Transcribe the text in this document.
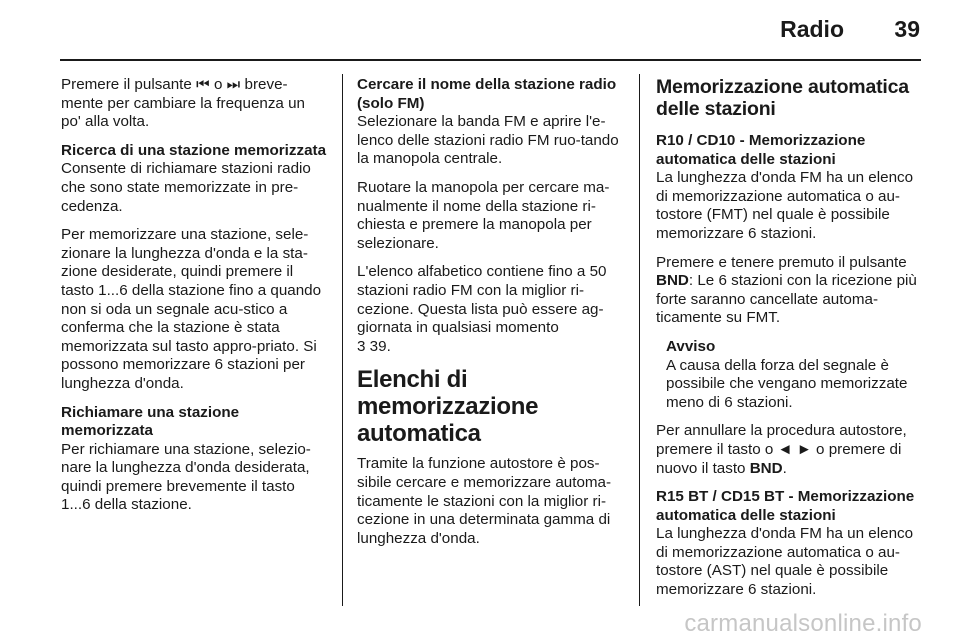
Radio 39

Premere il pulsante ⏮ o ⏭ breve-mente per cambiare la frequenza un po' alla volta.

Ricerca di una stazione memorizzata

Consente di richiamare stazioni radio che sono state memorizzate in pre-cedenza.

Per memorizzare una stazione, sele-zionare la lunghezza d'onda e la sta-zione desiderate, quindi premere il tasto 1...6 della stazione fino a quando non si oda un segnale acu-stico a conferma che la stazione è stata memorizzata sul tasto appro-priato. Si possono memorizzare 6 stazioni per lunghezza d'onda.

Richiamare una stazione memorizzata

Per richiamare una stazione, selezio-nare la lunghezza d'onda desiderata, quindi premere brevemente il tasto 1...6 della stazione.

Cercare il nome della stazione radio (solo FM)

Selezionare la banda FM e aprire l'e-lenco delle stazioni radio FM ruo-tando la manopola centrale.

Ruotare la manopola per cercare ma-nualmente il nome della stazione ri-chiesta e premere la manopola per selezionare.

L'elenco alfabetico contiene fino a 50 stazioni radio FM con la miglior ri-cezione. Questa lista può essere ag-giornata in qualsiasi momento
3 39.

Elenchi di memorizzazione automatica

Tramite la funzione autostore è pos-sibile cercare e memorizzare automa-ticamente le stazioni con la miglior ri-cezione in una determinata gamma di lunghezza d'onda.

Memorizzazione automatica delle stazioni
R10 / CD10 - Memorizzazione automatica delle stazioni

La lunghezza d'onda FM ha un elenco di memorizzazione automatica o au-tostore (FMT) nel quale è possibile memorizzare 6 stazioni.

Premere e tenere premuto il pulsante BND: Le 6 stazioni con la ricezione più forte saranno cancellate automa-ticamente su FMT.

Avviso
A causa della forza del segnale è possibile che vengano memorizzate meno di 6 stazioni.

Per annullare la procedura autostore, premere il tasto o ◄ ► o premere di nuovo il tasto BND.

R15 BT / CD15 BT - Memorizzazione automatica delle stazioni

La lunghezza d'onda FM ha un elenco di memorizzazione automatica o au-tostore (AST) nel quale è possibile memorizzare 6 stazioni.

carmanualsonline.info
